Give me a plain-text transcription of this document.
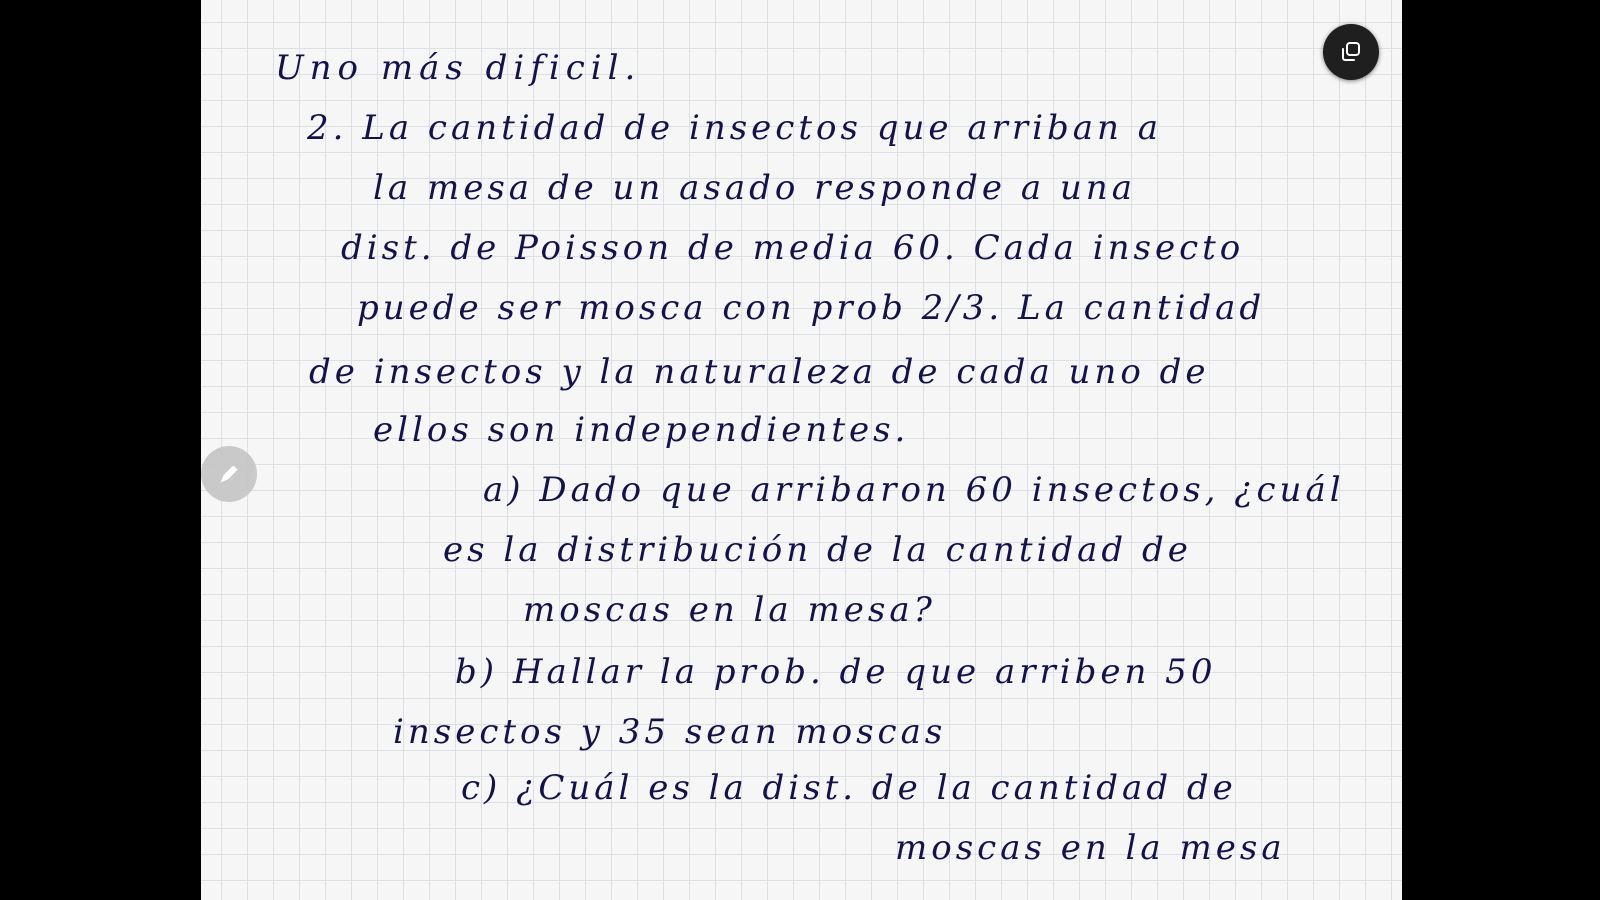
Uno más dificil.
2. La cantidad de insectos que arriban a
la mesa de un asado responde a una
dist. de Poisson de media 60. Cada insecto
puede ser mosca con prob 2/3. La cantidad
de insectos y la naturaleza de cada uno de
ellos son independientes.
a) Dado que arribaron 60 insectos, ¿cuál
es la distribución de la cantidad de
moscas en la mesa?
b) Hallar la prob. de que arriben 50
insectos y 35 sean moscas
c) ¿Cuál es la dist. de la cantidad de
moscas en la mesa
